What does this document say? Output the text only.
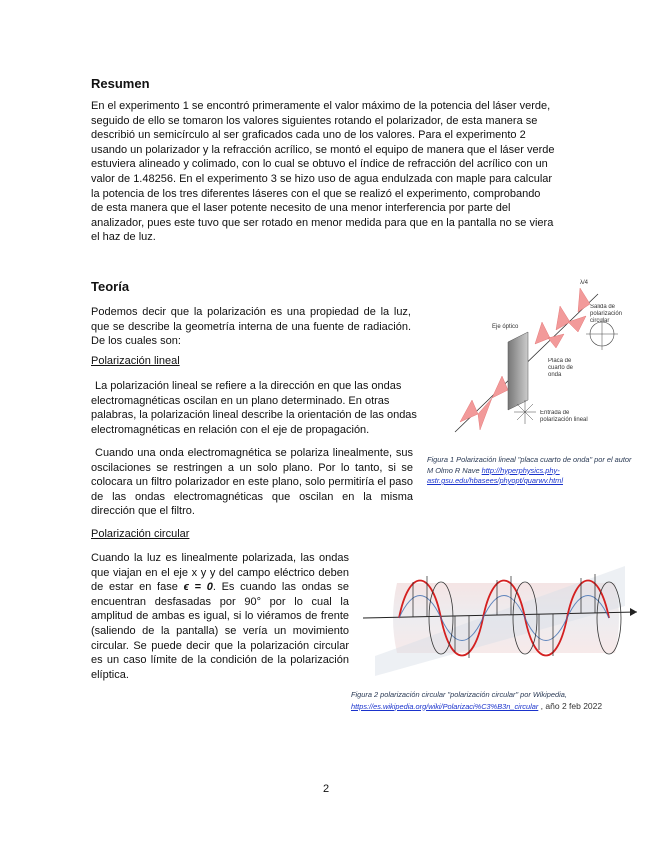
Resumen
En el experimento 1 se encontró primeramente el valor máximo de la potencia del láser verde, seguido de ello se tomaron los valores siguientes rotando el polarizador, de esta manera se describió un semicírculo al ser graficados cada uno de los valores. Para el experimento 2 usando un polarizador y la refracción acrílico, se montó el equipo de manera que el láser verde estuviera alineado y colimado, con lo cual se obtuvo el índice de refracción del acrílico con un valor de 1.48256. En el experimento 3 se hizo uso de agua endulzada con maple para calcular la potencia de los tres diferentes láseres con el que se realizó el experimento, comprobando de esta manera que el laser potente necesito de una menor interferencia por parte del analizador, pues este tuvo que ser rotado en menor medida para que en la pantalla no se viera el haz de luz.
Teoría
Podemos decir que la polarización es una propiedad de la luz, que se describe la geometría interna de una fuente de radiación. De los cuales son:
Polarización lineal
La polarización lineal se refiere a la dirección en que las ondas electromagnéticas oscilan en un plano determinado. En otras palabras, la polarización lineal describe la orientación de las ondas electromagnéticas en relación con el eje de propagación.
Cuando una onda electromagnética se polariza linealmente, sus oscilaciones se restringen a un solo plano. Por lo tanto, si se colocara un filtro polarizador en este plano, solo permitiría el paso de las ondas electromagnéticas que oscilan en la misma dirección que el filtro.
Polarización circular
Cuando la luz es linealmente polarizada, las ondas que viajan en el eje x y y del campo eléctrico deben de estar en fase ϵ = 0. Es cuando las ondas se encuentran desfasadas por 90° por lo cual la amplitud de ambas es igual, si lo viéramos de frente (saliendo de la pantalla) se vería un movimiento circular. Se puede decir que la polarización circular es un caso límite de la condición de la polarización elíptica.
λ/4
Eje óptico
Placa de cuarto de onda
Salida de polarización circular
Entrada de polarización lineal
Figura 1 Polarización lineal "placa cuarto de onda" por el autor M Olmo R Nave http://hyperphysics.phy-astr.gsu.edu/hbasees/phyopt/quarwv.html
Figura 2 polarización circular "polarización circular" por Wikipedia,
https://es.wikipedia.org/wiki/Polarizaci%C3%B3n_circular , año 2 feb 2022
2
